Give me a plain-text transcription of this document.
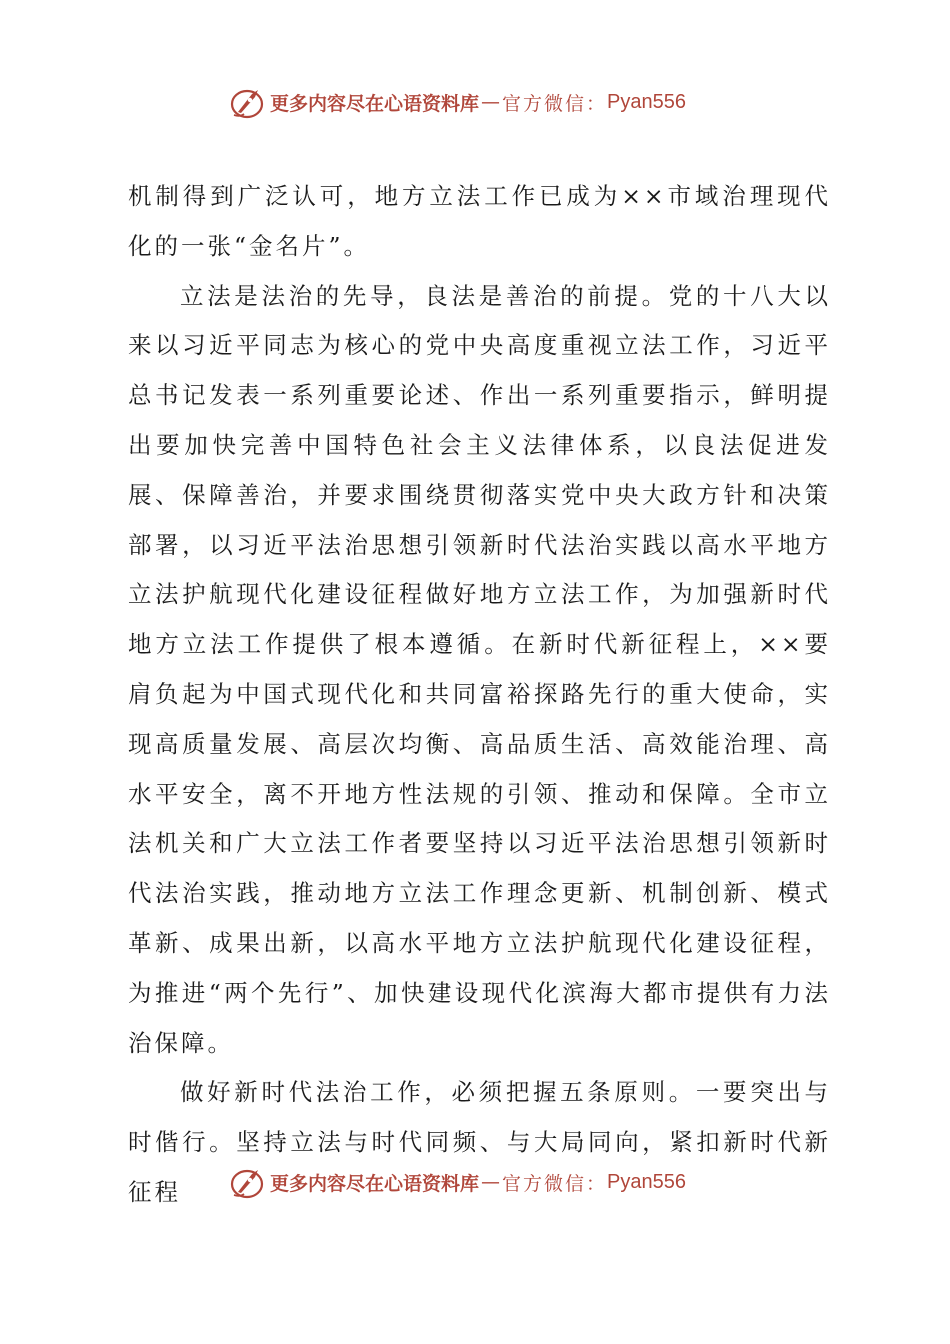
更多内容尽在心语资料库 — 官方微信： Pyan556

机制得到广泛认可，地方立法工作已成为××市域治理现代化的一张“金名片”。

立法是法治的先导，良法是善治的前提。党的十八大以来以习近平同志为核心的党中央高度重视立法工作，习近平总书记发表一系列重要论述、作出一系列重要指示，鲜明提出要加快完善中国特色社会主义法律体系，以良法促进发展、保障善治，并要求围绕贯彻落实党中央大政方针和决策部署，以习近平法治思想引领新时代法治实践以高水平地方立法护航现代化建设征程做好地方立法工作，为加强新时代地方立法工作提供了根本遵循。在新时代新征程上，××要肩负起为中国式现代化和共同富裕探路先行的重大使命，实现高质量发展、高层次均衡、高品质生活、高效能治理、高水平安全，离不开地方性法规的引领、推动和保障。全市立法机关和广大立法工作者要坚持以习近平法治思想引领新时代法治实践，推动地方立法工作理念更新、机制创新、模式革新、成果出新，以高水平地方立法护航现代化建设征程，为推进“两个先行”、加快建设现代化滨海大都市提供有力法治保障。

做好新时代法治工作，必须把握五条原则。一要突出与时偕行。坚持立法与时代同频、与大局同向，紧扣新时代新征程	更多内容尽在心语资料库 — 官方微信： Pyan556
